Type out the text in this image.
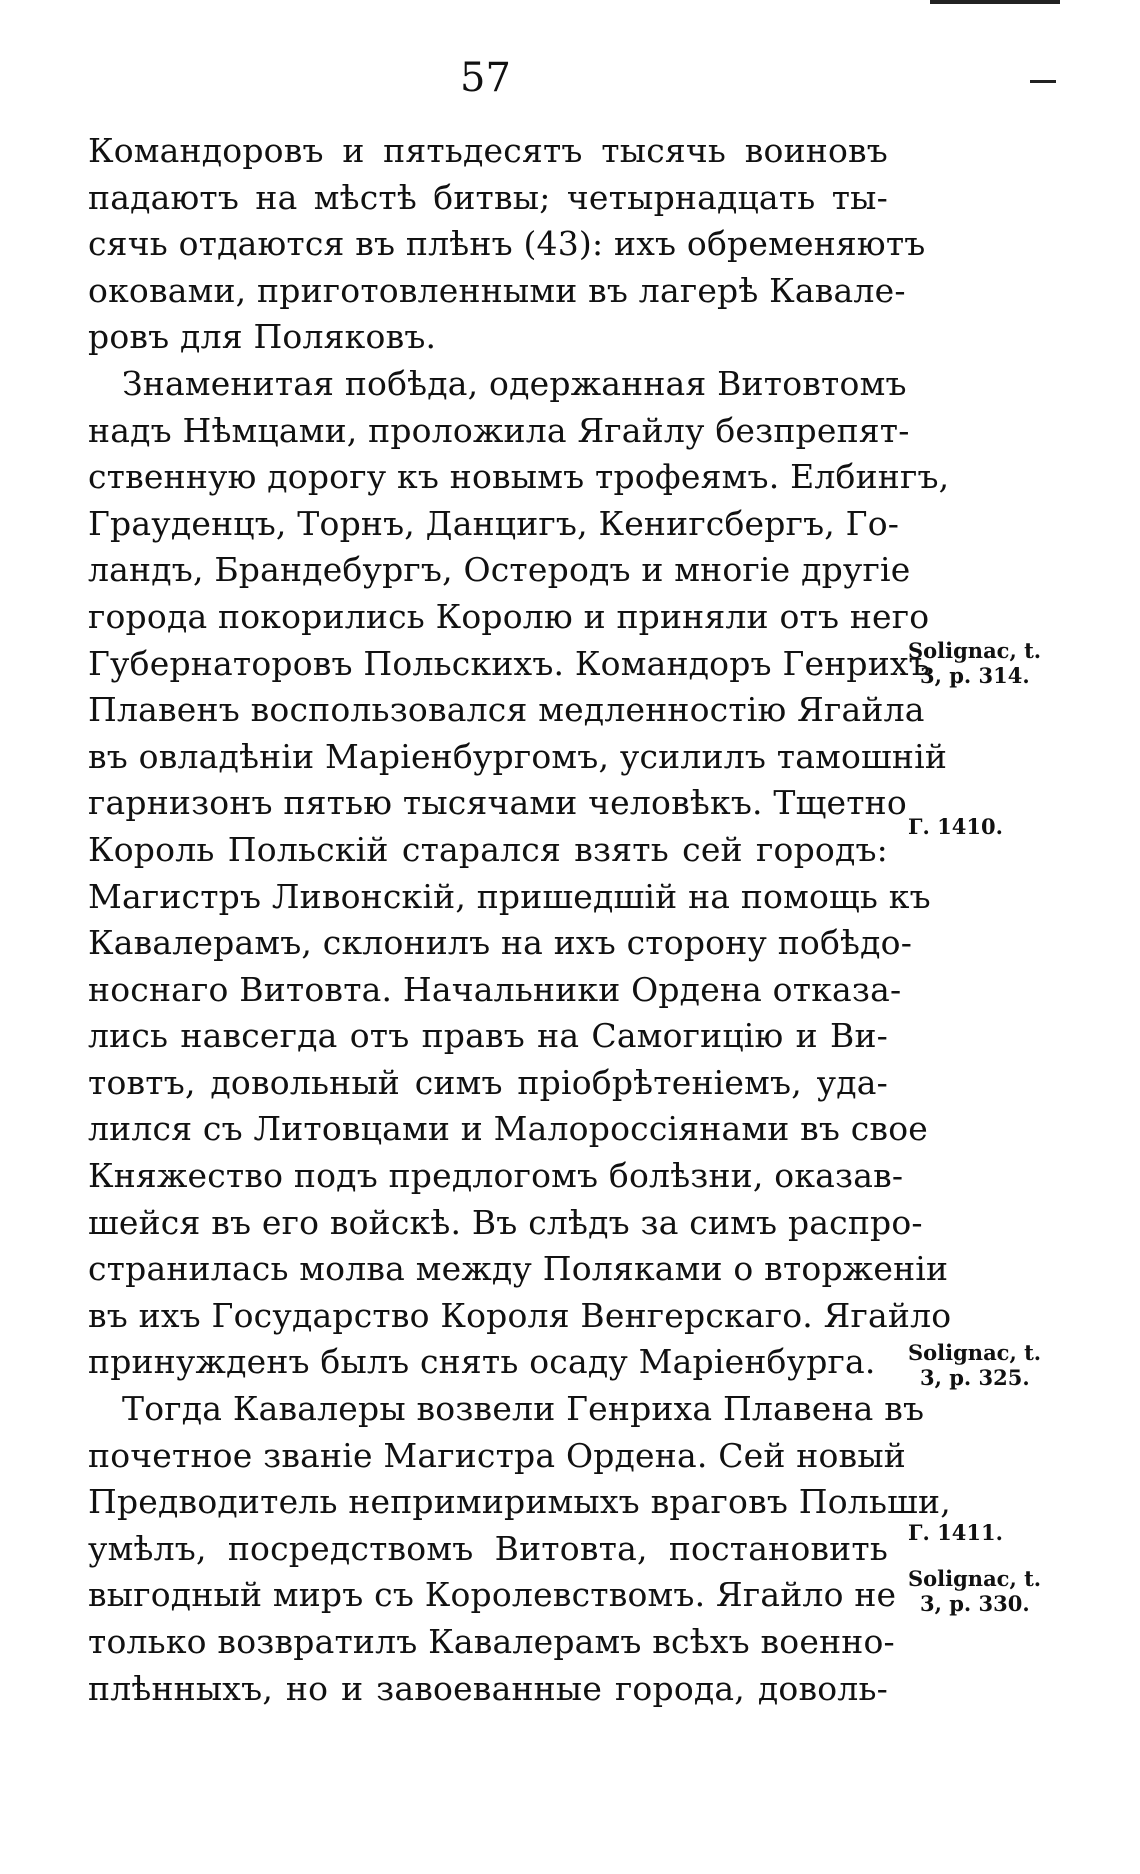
57
Командоровъ и пятьдесятъ тысячь воиновъ
падаютъ на мѣстѣ битвы; четырнадцать ты-
сячь отдаются въ плѣнъ (43): ихъ обременяютъ
оковами, приготовленными въ лагерѣ Кавале-
ровъ для Поляковъ.
Знаменитая побѣда, одержанная Витовтомъ
надъ Нѣмцами, проложила Ягайлу безпрепят-
ственную дорогу къ новымъ трофеямъ. Елбингъ,
Грауденцъ, Торнъ, Данцигъ, Кенигсбергъ, Го-
ландъ, Брандебургъ, Остеродъ и многіе другіе
города покорились Королю и приняли отъ него
Губернаторовъ Польскихъ. Командоръ Генрихъ
Плавенъ воспользовался медленностію Ягайла
въ овладѣніи Маріенбургомъ, усилилъ тамошній
гарнизонъ пятью тысячами человѣкъ. Тщетно
Король Польскій старался взять сей городъ:
Магистръ Ливонскій, пришедшій на помощь къ
Кавалерамъ, склонилъ на ихъ сторону побѣдо-
носнаго Витовта. Начальники Ордена отказа-
лись навсегда отъ правъ на Самогицію и Ви-
товтъ, довольный симъ пріобрѣтеніемъ, уда-
лился съ Литовцами и Малороссіянами въ свое
Княжество подъ предлогомъ болѣзни, оказав-
шейся въ его войскѣ. Въ слѣдъ за симъ распро-
странилась молва между Поляками о вторженіи
въ ихъ Государство Короля Венгерскаго. Ягайло
принужденъ былъ снять осаду Маріенбурга.
Тогда Кавалеры возвели Генриха Плавена въ
почетное званіе Магистра Ордена. Сей новый
Предводитель непримиримыхъ враговъ Польши,
умѣлъ, посредствомъ Витовта, постановить
выгодный миръ съ Королевствомъ. Ягайло не
только возвратилъ Кавалерамъ всѣхъ военно-
плѣнныхъ, но и завоеванные города, доволь-
Solignac, t.
3, p. 314.
Г. 1410.
Solignac, t.
3, p. 325.
Г. 1411.
Solignac, t.
3, p. 330.
